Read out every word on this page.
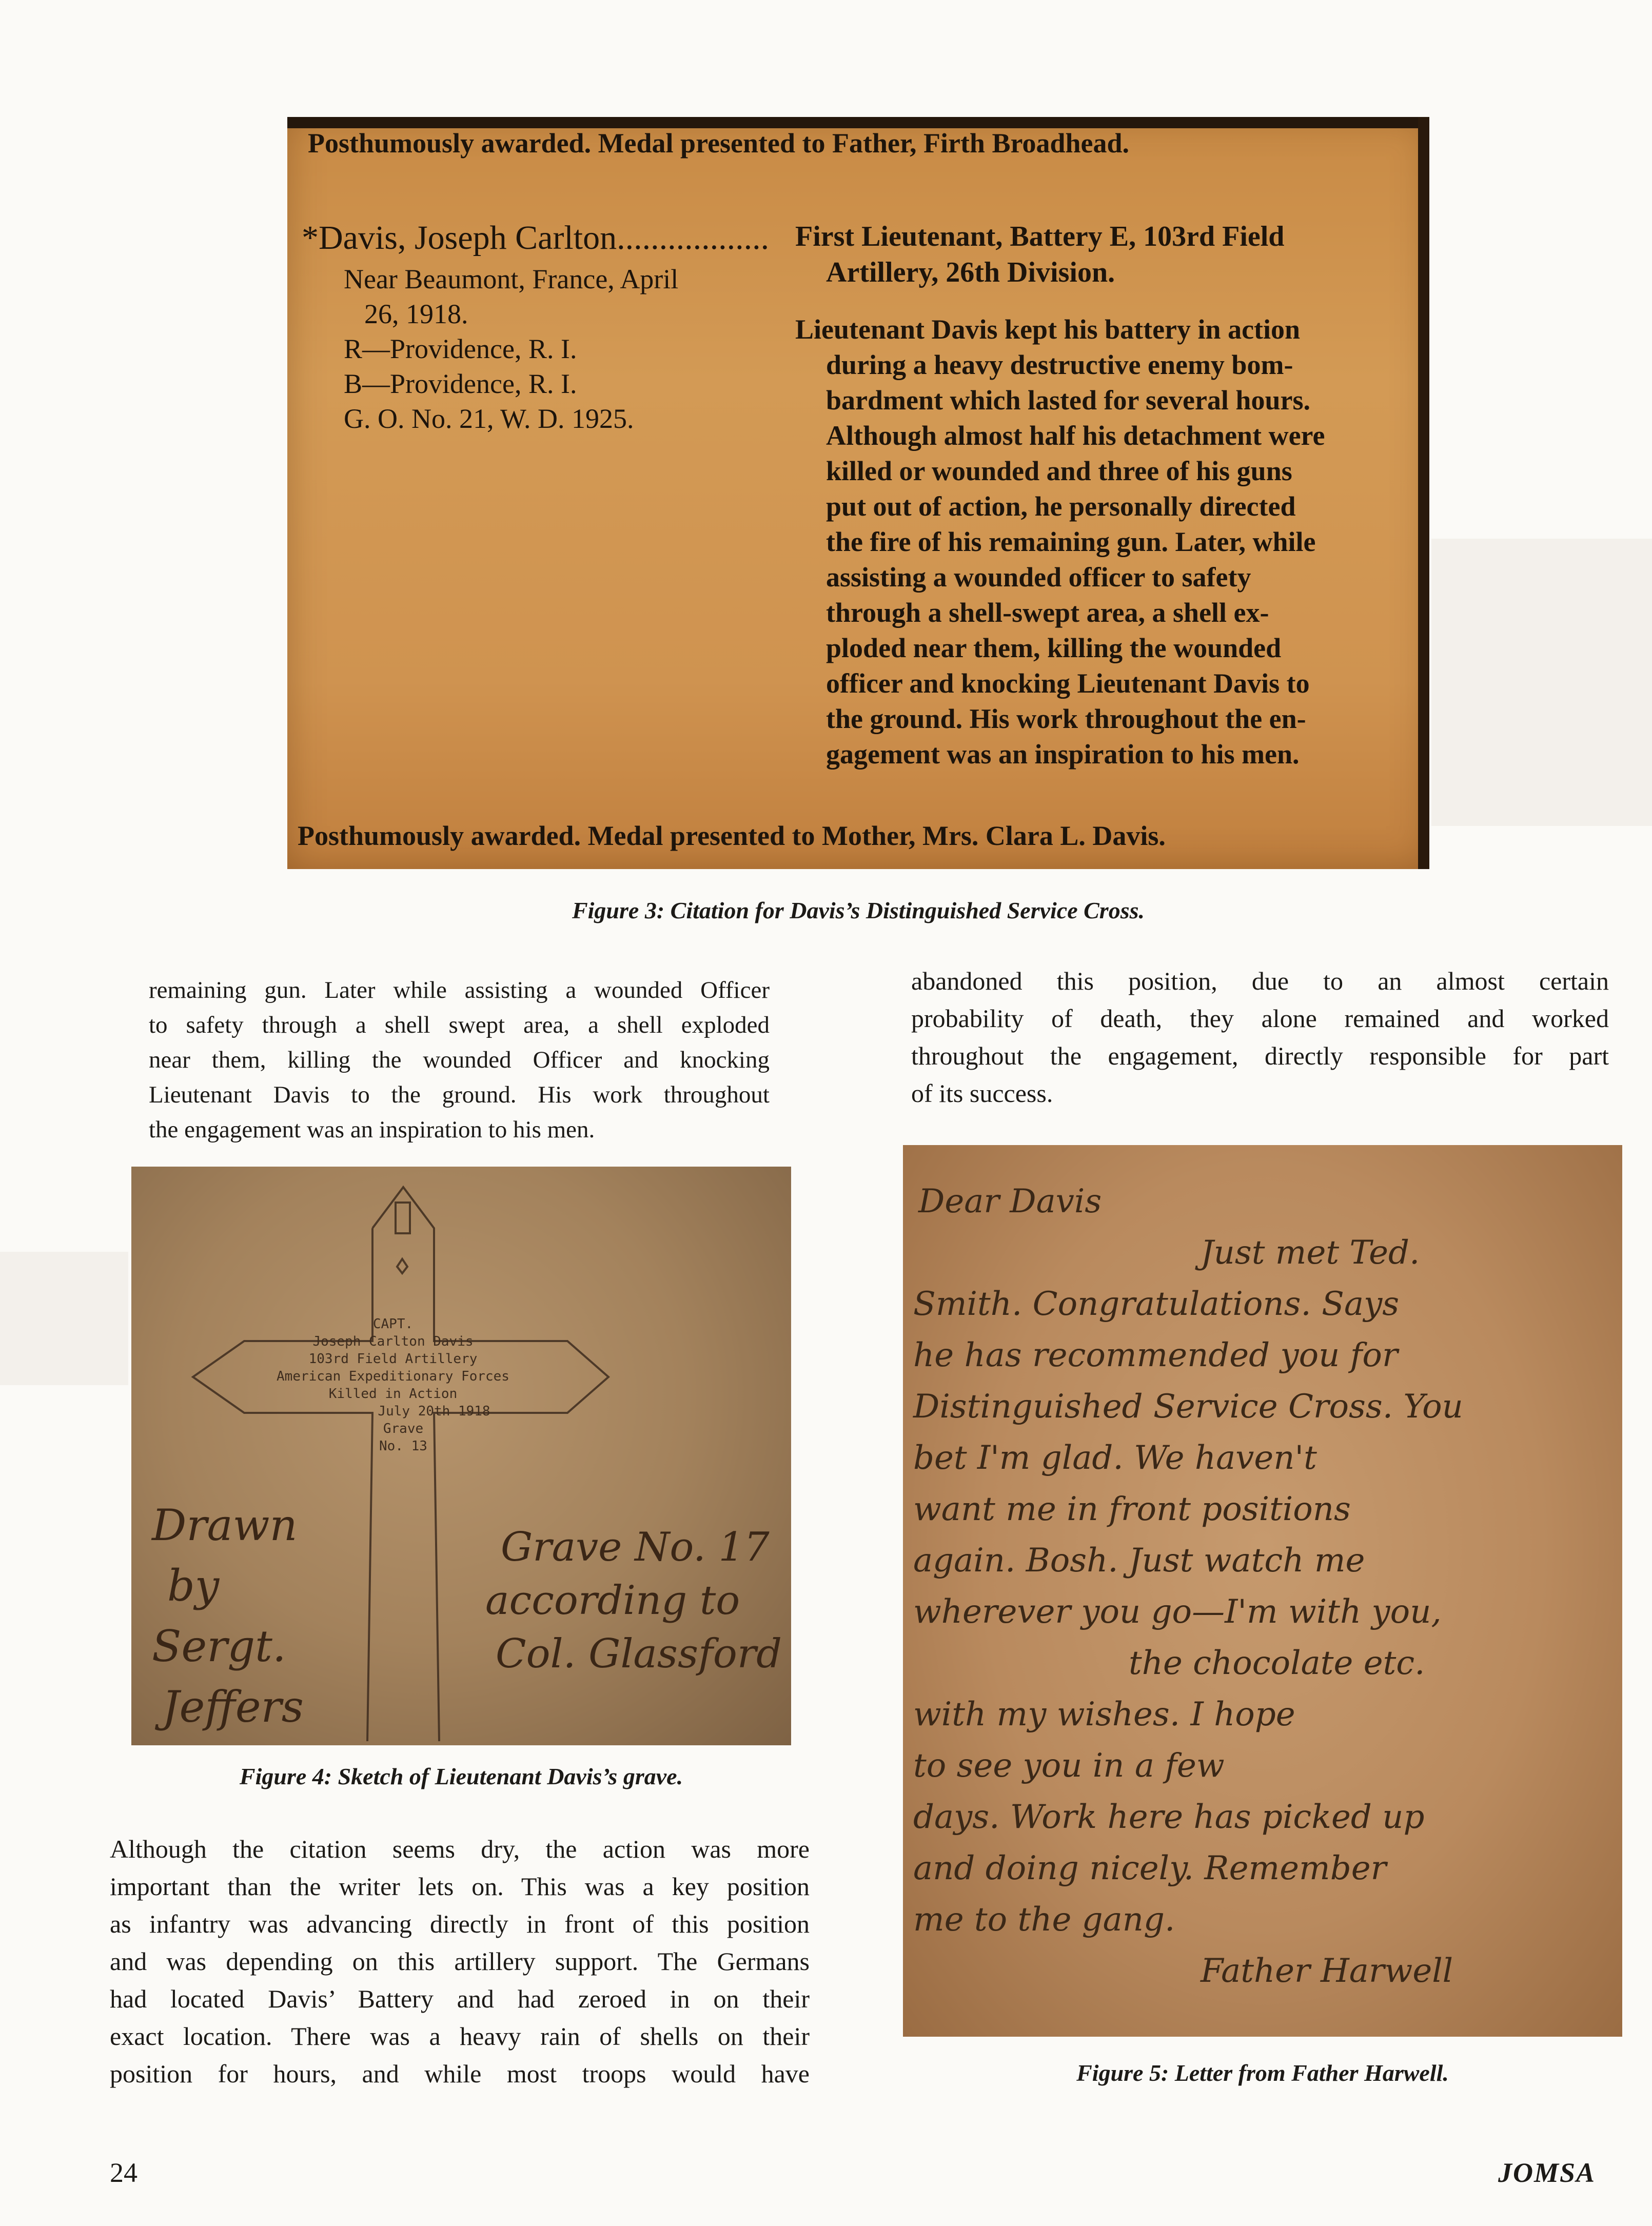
Posthumously awarded. Medal presented to Father, Firth Broadhead.
*Davis, Joseph Carlton..................
Near Beaumont, France, April
26, 1918.
R—Providence, R. I.
B—Providence, R. I.
G. O. No. 21, W. D. 1925.
First Lieutenant, Battery E, 103rd Field
Artillery, 26th Division.
Lieutenant Davis kept his battery in action
during a heavy destructive enemy bom-
bardment which lasted for several hours.
Although almost half his detachment were
killed or wounded and three of his guns
put out of action, he personally directed
the fire of his remaining gun. Later, while
assisting a wounded officer to safety
through a shell-swept area, a shell ex-
ploded near them, killing the wounded
officer and knocking Lieutenant Davis to
the ground. His work throughout the en-
gagement was an inspiration to his men.
Posthumously awarded. Medal presented to Mother, Mrs. Clara L. Davis.
Figure 3: Citation for Davis’s Distinguished Service Cross.
remaining gun. Later while assisting a wounded Officer
to safety through a shell swept area, a shell exploded
near them, killing the wounded Officer and knocking
Lieutenant Davis to the ground. His work throughout
the engagement was an inspiration to his men.
abandoned this position, due to an almost certain
probability of death, they alone remained and worked
throughout the engagement, directly responsible for part
of its success.
CAPT.
Joseph Carlton Davis
103rd Field Artillery
American Expeditionary Forces
Killed in Action
July 20th 1918
Grave
No. 13
Drawn
by
Sergt.
Jeffers
Grave No. 17
according to
Col. Glassford
Figure 4: Sketch of Lieutenant Davis’s grave.
Although the citation seems dry, the action was more
important than the writer lets on. This was a key position
as infantry was advancing directly in front of this position
and was depending on this artillery support. The Germans
had located Davis’ Battery and had zeroed in on their
exact location. There was a heavy rain of shells on their
position for hours, and while most troops would have
Dear Davis
Just met Ted.
Smith. Congratulations. Says
he has recommended you for
Distinguished Service Cross. You
bet I'm glad. We haven't
want me in front positions
again. Bosh. Just watch me
wherever you go—I'm with you,
the chocolate etc.
with my wishes. I hope
to see you in a few
days. Work here has picked up
and doing nicely. Remember
me to the gang.
Father Harwell
Figure 5: Letter from Father Harwell.
24	JOMSA
